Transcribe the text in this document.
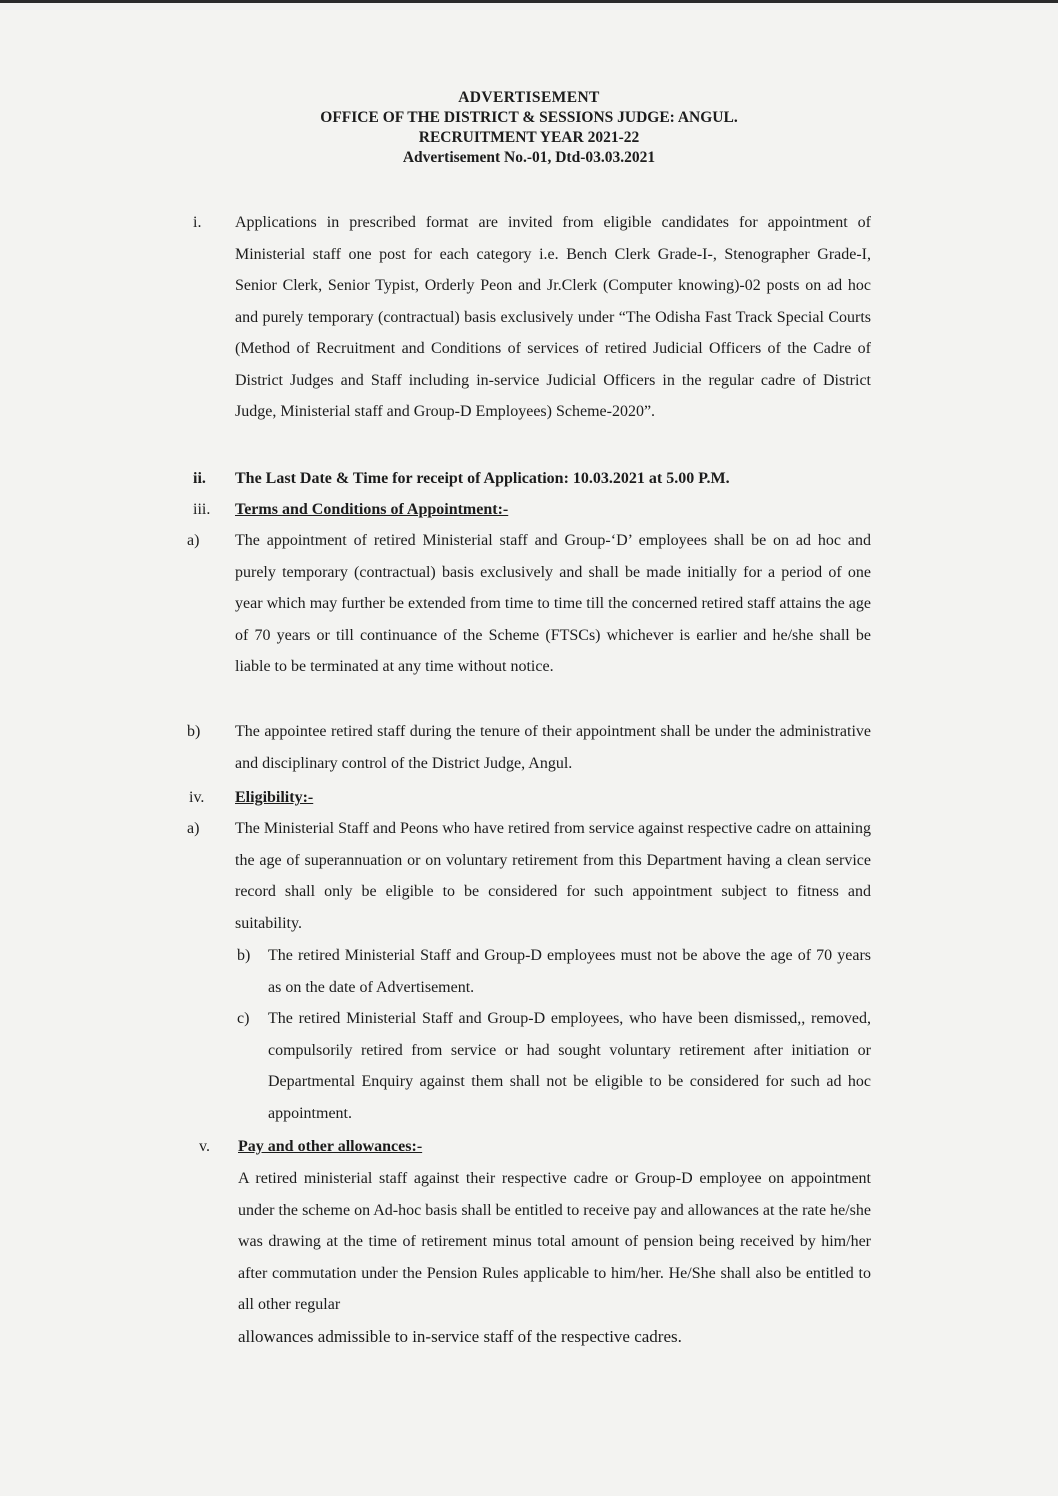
ADVERTISEMENT
OFFICE OF THE DISTRICT & SESSIONS JUDGE: ANGUL.
RECRUITMENT YEAR 2021-22
Advertisement No.-01, Dtd-03.03.2021
i. Applications in prescribed format are invited from eligible candidates for appointment of Ministerial staff one post for each category i.e. Bench Clerk Grade-I-, Stenographer Grade-I, Senior Clerk, Senior Typist, Orderly Peon and Jr.Clerk (Computer knowing)-02 posts on ad hoc and purely temporary (contractual) basis exclusively under “The Odisha Fast Track Special Courts (Method of Recruitment and Conditions of services of retired Judicial Officers of the Cadre of District Judges and Staff including in-service Judicial Officers in the regular cadre of District Judge, Ministerial staff and Group-D Employees) Scheme-2020”.
ii. The Last Date & Time for receipt of Application: 10.03.2021 at 5.00 P.M.
iii. Terms and Conditions of Appointment:-
a) The appointment of retired Ministerial staff and Group-‘D’ employees shall be on ad hoc and purely temporary (contractual) basis exclusively and shall be made initially for a period of one year which may further be extended from time to time till the concerned retired staff attains the age of 70 years or till continuance of the Scheme (FTSCs) whichever is earlier and he/she shall be liable to be terminated at any time without notice.
b) The appointee retired staff during the tenure of their appointment shall be under the administrative and disciplinary control of the District Judge, Angul.
iv. Eligibility:-
a) The Ministerial Staff and Peons who have retired from service against respective cadre on attaining the age of superannuation or on voluntary retirement from this Department having a clean service record shall only be eligible to be considered for such appointment subject to fitness and suitability.
b) The retired Ministerial Staff and Group-D employees must not be above the age of 70 years as on the date of Advertisement.
c) The retired Ministerial Staff and Group-D employees, who have been dismissed,, removed, compulsorily retired from service or had sought voluntary retirement after initiation or Departmental Enquiry against them shall not be eligible to be considered for such ad hoc appointment.
v. Pay and other allowances:-
A retired ministerial staff against their respective cadre or Group-D employee on appointment under the scheme on Ad-hoc basis shall be entitled to receive pay and allowances at the rate he/she was drawing at the time of retirement minus total amount of pension being received by him/her after commutation under the Pension Rules applicable to him/her. He/She shall also be entitled to all other regular
allowances admissible to in-service staff of the respective cadres.
